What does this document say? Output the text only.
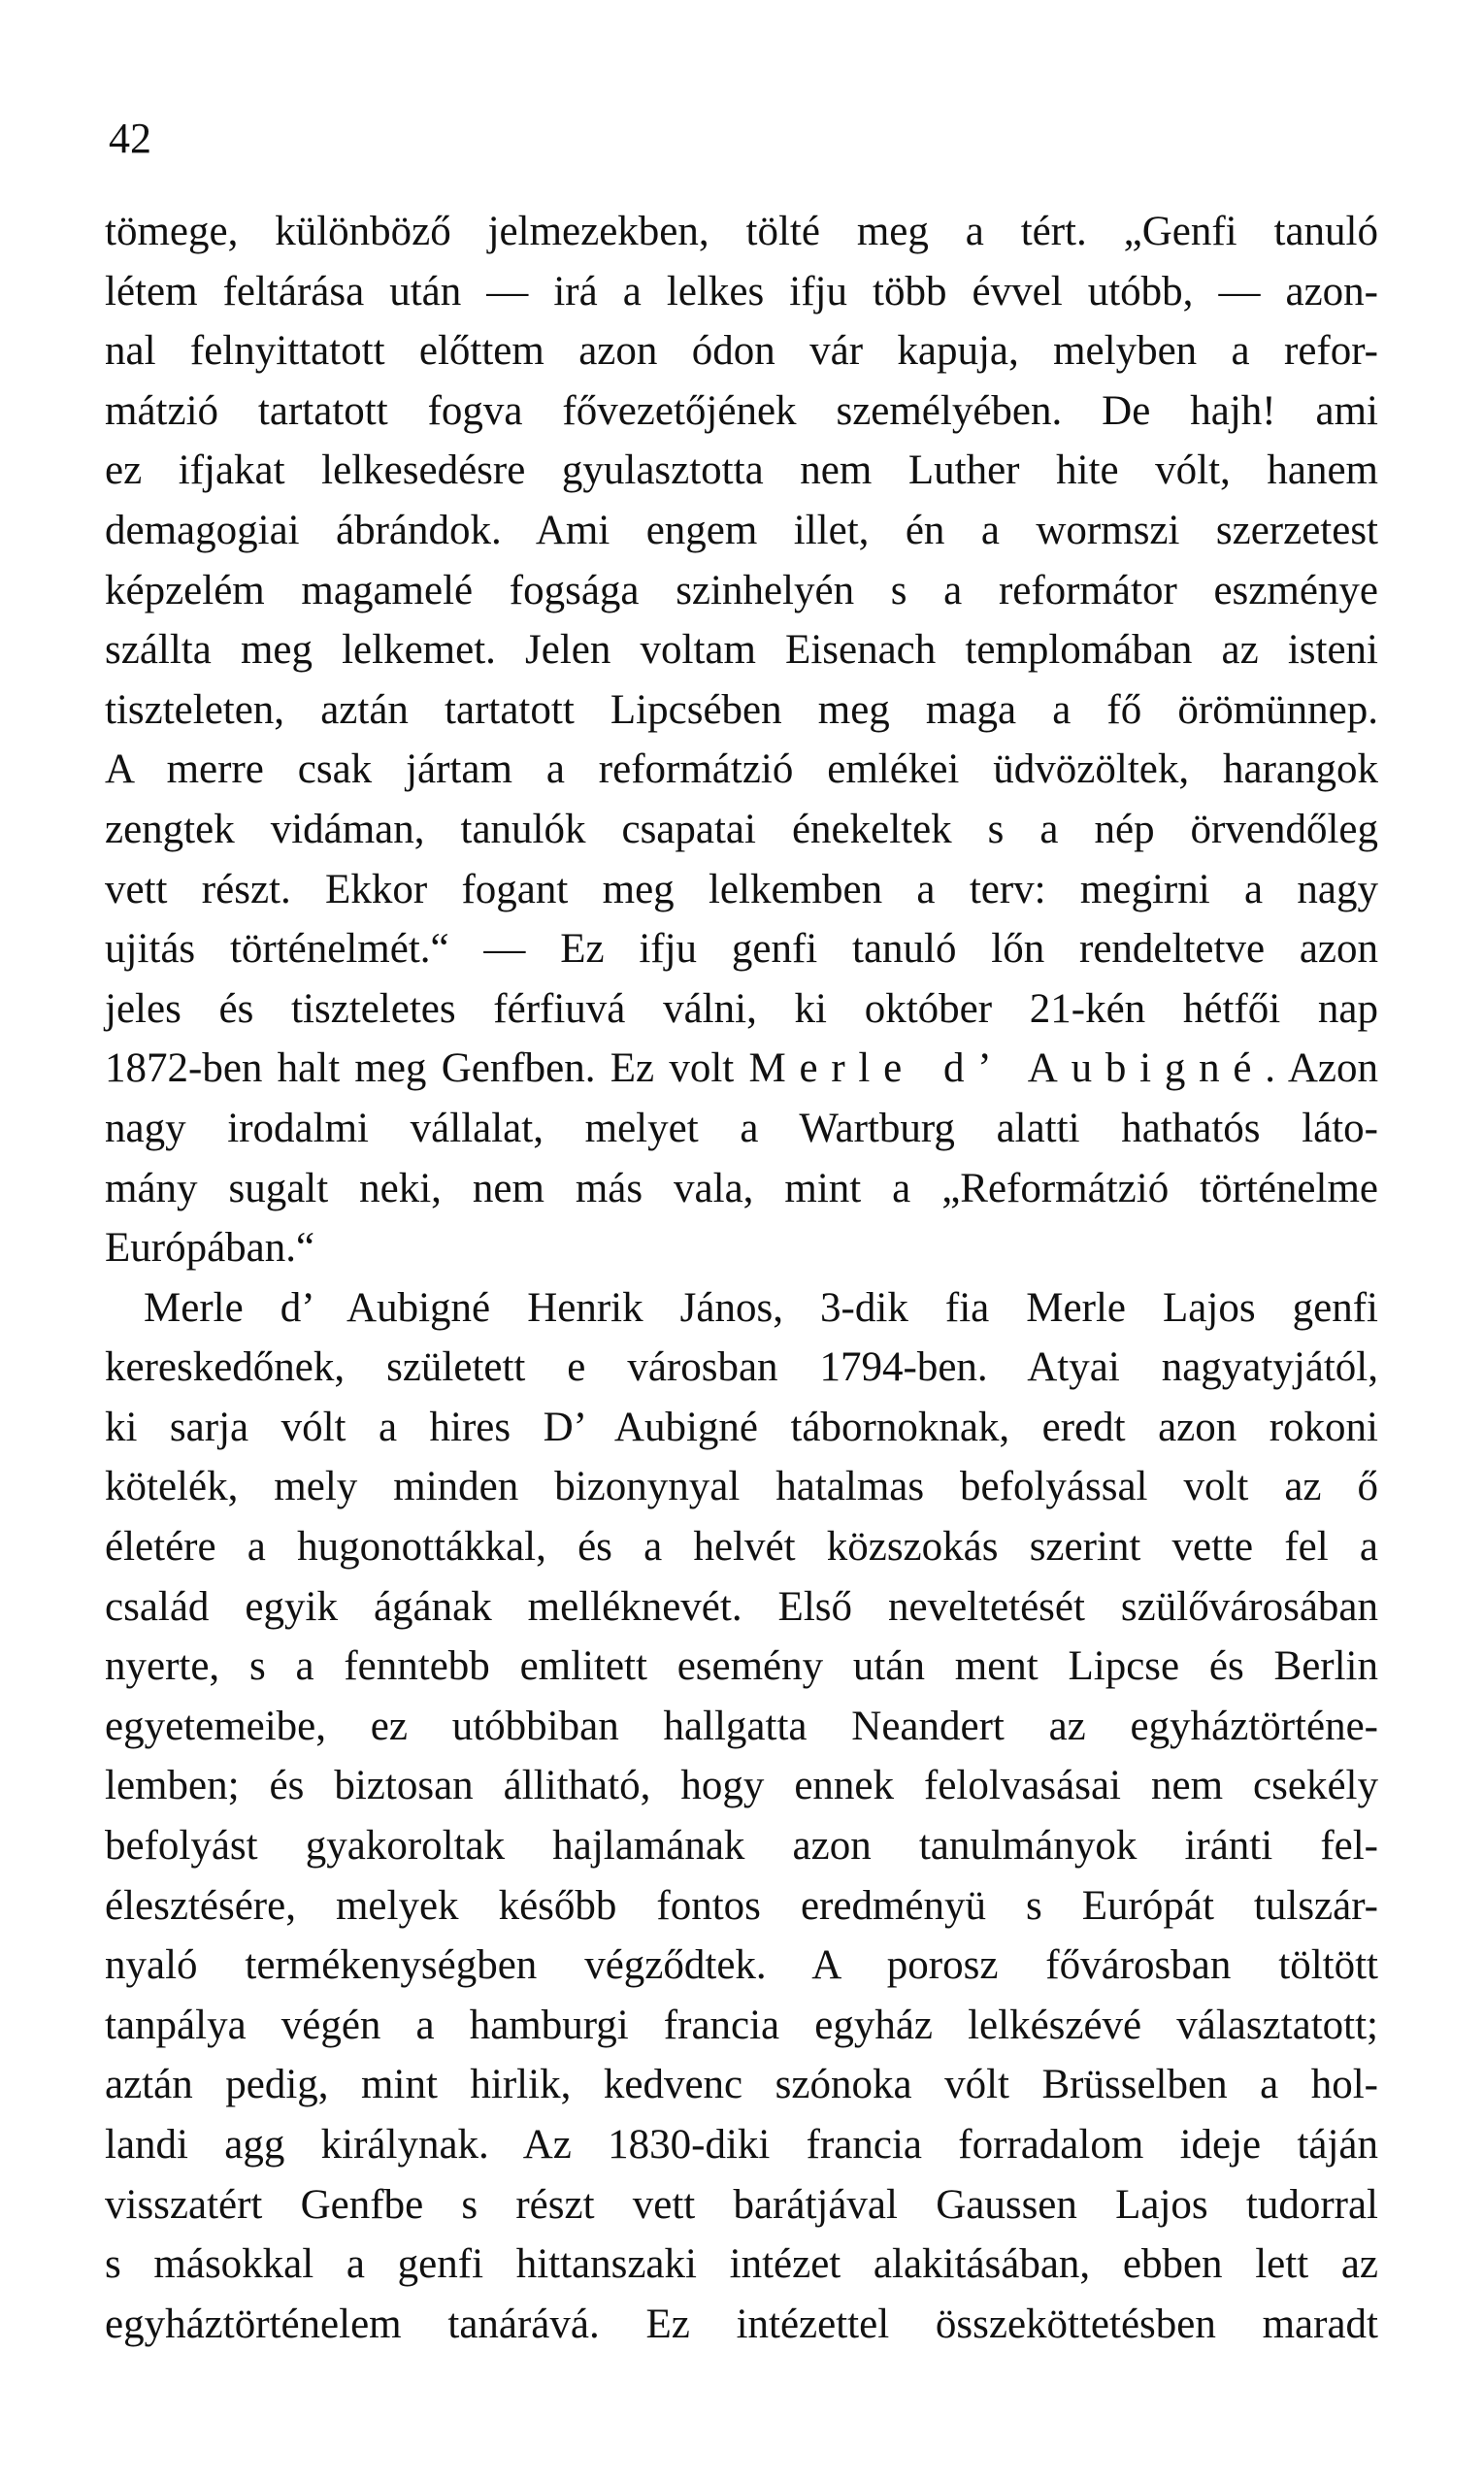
42
tömege, különböző jelmezekben, tölté meg a tért. „Genfi tanuló
létem feltárása után — irá a lelkes ifju több évvel utóbb, — azon-
nal felnyittatott előttem azon ódon vár kapuja, melyben a refor-
mátzió tartatott fogva fővezetőjének személyében. De hajh! ami
ez ifjakat lelkesedésre gyulasztotta nem Luther hite vólt, hanem
demagogiai ábrándok. Ami engem illet, én a wormszi szerzetest
képzelém magamelé fogsága szinhelyén s a reformátor eszménye
szállta meg lelkemet. Jelen voltam Eisenach templomában az isteni
tiszteleten, aztán tartatott Lipcsében meg maga a fő örömünnep.
A merre csak jártam a reformátzió emlékei üdvözöltek, harangok
zengtek vidáman, tanulók csapatai énekeltek s a nép örvendőleg
vett részt. Ekkor fogant meg lelkemben a terv: megirni a nagy
ujitás történelmét.“ — Ez ifju genfi tanuló lőn rendeltetve azon
jeles és tiszteletes férfiuvá válni, ki október 21-kén hétfői nap
1872-ben halt meg Genfben. Ez volt Merle d’ Aubigné. Azon
nagy irodalmi vállalat, melyet a Wartburg alatti hathatós láto-
mány sugalt neki, nem más vala, mint a „Reformátzió történelme
Európában.“
Merle d’ Aubigné Henrik János, 3-dik fia Merle Lajos genfi
kereskedőnek, született e városban 1794-ben. Atyai nagyatyjától,
ki sarja vólt a hires D’ Aubigné tábornoknak, eredt azon rokoni
kötelék, mely minden bizonynyal hatalmas befolyással volt az ő
életére a hugonottákkal, és a helvét közszokás szerint vette fel a
család egyik ágának melléknevét. Első neveltetését szülővárosában
nyerte, s a fenntebb emlitett esemény után ment Lipcse és Berlin
egyetemeibe, ez utóbbiban hallgatta Neandert az egyháztörténe-
lemben; és biztosan állitható, hogy ennek felolvasásai nem csekély
befolyást gyakoroltak hajlamának azon tanulmányok iránti fel-
élesztésére, melyek később fontos eredményü s Európát tulszár-
nyaló termékenységben végződtek. A porosz fővárosban töltött
tanpálya végén a hamburgi francia egyház lelkészévé választatott;
aztán pedig, mint hirlik, kedvenc szónoka vólt Brüsselben a hol-
landi agg királynak. Az 1830-diki francia forradalom ideje táján
visszatért Genfbe s részt vett barátjával Gaussen Lajos tudorral
s másokkal a genfi hittanszaki intézet alakitásában, ebben lett az
egyháztörténelem tanárává. Ez intézettel összeköttetésben maradt
